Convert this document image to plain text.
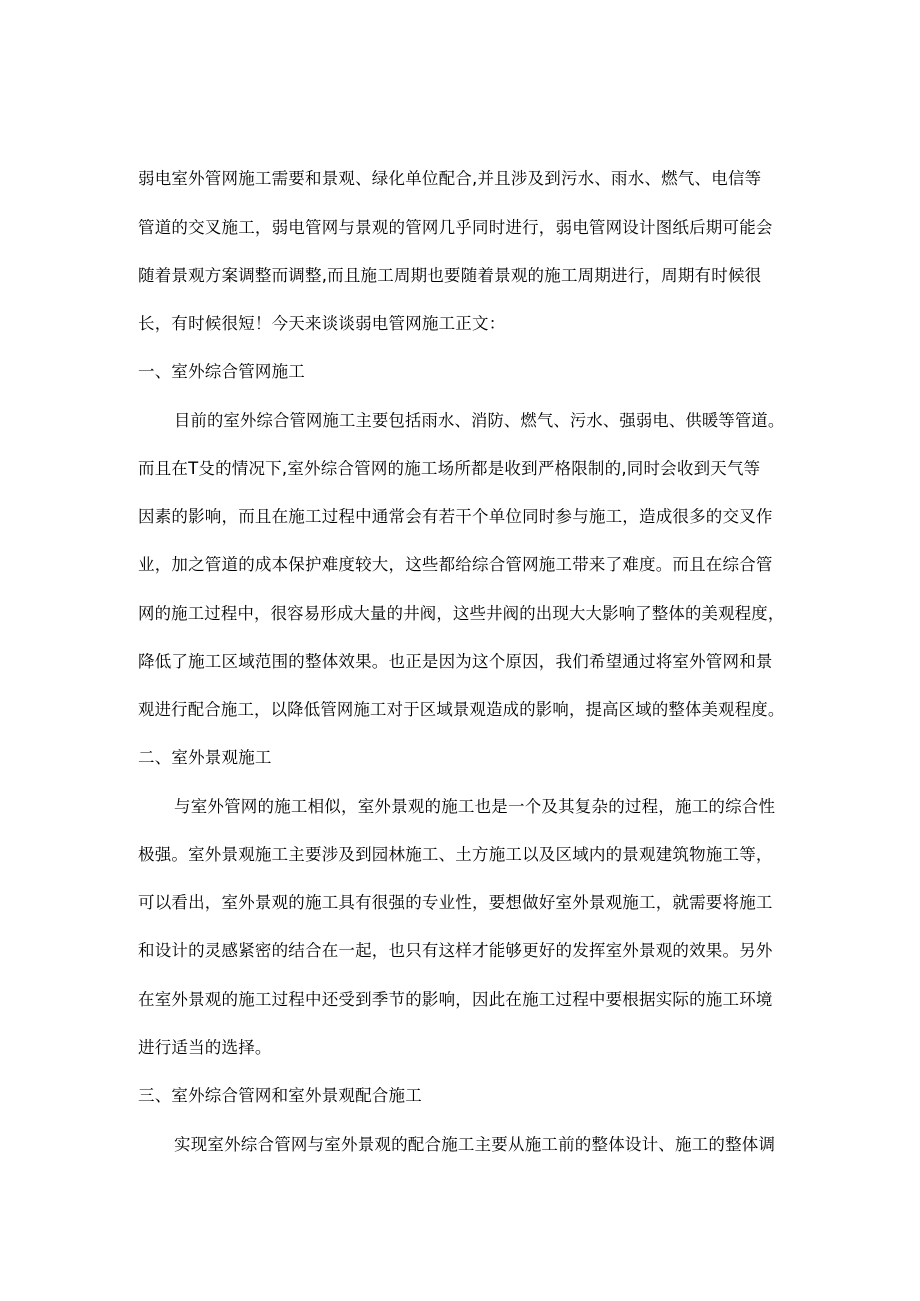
弱电室外管网施工需要和景观、绿化单位配合,并且涉及到污水、雨水、燃气、电信等
管道的交叉施工，弱电管网与景观的管网几乎同时进行，弱电管网设计图纸后期可能会
随着景观方案调整而调整,而且施工周期也要随着景观的施工周期进行，周期有时候很
长，有时候很短！今天来谈谈弱电管网施工正文：
一、室外综合管网施工
目前的室外综合管网施工主要包括雨水、消防、燃气、污水、强弱电、供暖等管道。
而且在T殳的情况下,室外综合管网的施工场所都是收到严格限制的,同时会收到天气等
因素的影响，而且在施工过程中通常会有若干个单位同时参与施工，造成很多的交叉作
业，加之管道的成本保护难度较大，这些都给综合管网施工带来了难度。而且在综合管
网的施工过程中，很容易形成大量的井阀，这些井阀的出现大大影响了整体的美观程度，
降低了施工区域范围的整体效果。也正是因为这个原因，我们希望通过将室外管网和景
观进行配合施工，以降低管网施工对于区域景观造成的影响，提高区域的整体美观程度。
二、室外景观施工
与室外管网的施工相似，室外景观的施工也是一个及其复杂的过程，施工的综合性
极强。室外景观施工主要涉及到园林施工、土方施工以及区域内的景观建筑物施工等，
可以看出，室外景观的施工具有很强的专业性，要想做好室外景观施工，就需要将施工
和设计的灵感紧密的结合在一起，也只有这样才能够更好的发挥室外景观的效果。另外
在室外景观的施工过程中还受到季节的影响，因此在施工过程中要根据实际的施工环境
进行适当的选择。
三、室外综合管网和室外景观配合施工
实现室外综合管网与室外景观的配合施工主要从施工前的整体设计、施工的整体调
